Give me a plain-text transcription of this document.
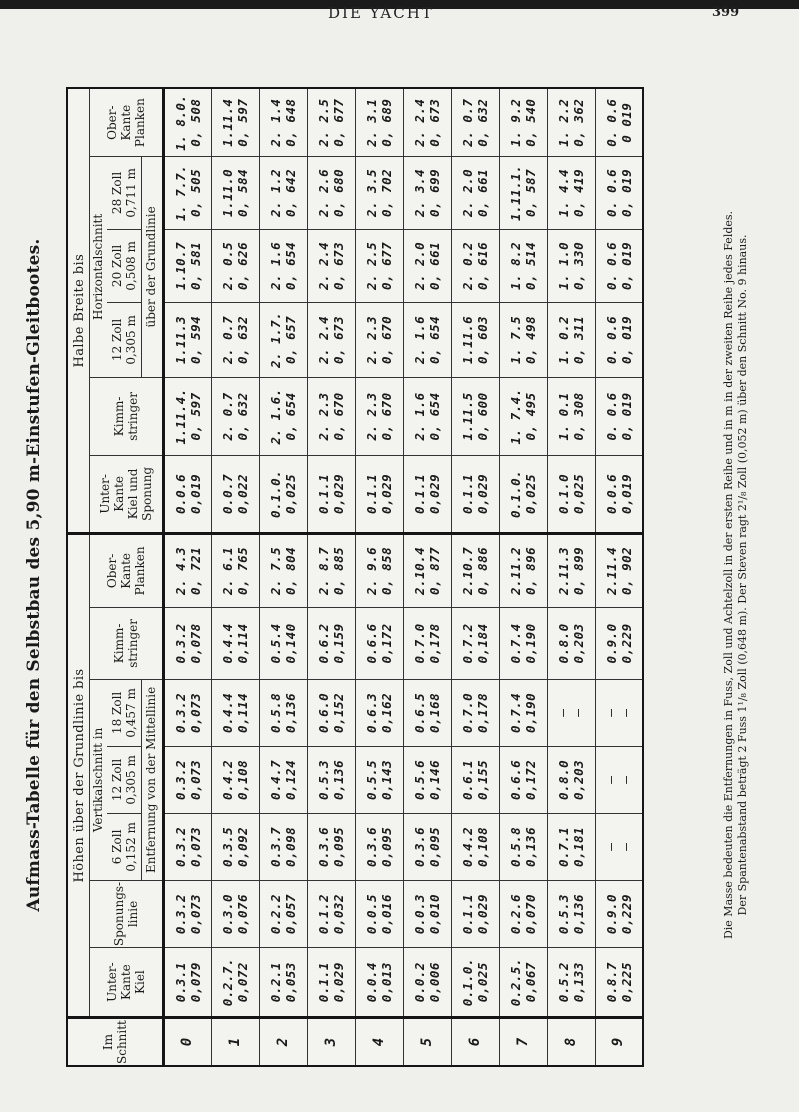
DIE YACHT	399
Aufmass-Tabelle für den Selbstbau des 5,90 m-Einstufen-Gleitbootes.
Im Schnitt	Höhen über der Grundlinie bis							Halbe Breite bis					

	Unter- Kante Kiel	Sponungs- linie	Vertikalschnitt in			Kimm- stringer	Ober- Kante Planken	Unter- Kante Kiel und Sponung	Kimm- stringer	Horizontalschnitt			Ober- Kante Planken

			6 Zoll 0,152 m	12 Zoll 0,305 m	18 Zoll 0,457 m					12 Zoll 0,305 m	20 Zoll 0,508 m	28 Zoll 0,711 m	

			Entfernung von der Mittellinie							über der Grundlinie			
0	0.3.1 0,079	0.3.2 0,073	0.3.2 0,073	0.3.2 0,073	0.3.2 0,073	0.3.2 0,078	2. 4.3 0, 721	0.0.6 0,019	1.11.4. 0, 597	1.11.3 0, 594	1.10.7 0, 581	1. 7.7. 0, 505	1. 8.0. 0, 508

1	0.2.7. 0,072	0.3.0 0,076	0.3.5 0,092	0.4.2 0,108	0.4.4 0,114	0.4.4 0,114	2. 6.1 0, 765	0.0.7 0,022	2. 0.7 0, 632	2. 0.7 0, 632	2. 0.5 0, 626	1.11.0 0, 584	1.11.4 0, 597

2	0.2.1 0,053	0.2.2 0,057	0.3.7 0,098	0.4.7 0,124	0.5.8 0,136	0.5.4 0,140	2. 7.5 0, 804	0.1.0. 0,025	2. 1.6. 0, 654	2. 1.7. 0, 657	2. 1.6 0, 654	2. 1.2 0, 642	2. 1.4 0, 648

3	0.1.1 0,029	0.1.2 0,032	0.3.6 0,095	0.5.3 0,136	0.6.0 0,152	0.6.2 0,159	2. 8.7 0, 885	0.1.1 0,029	2. 2.3 0, 670	2. 2.4 0, 673	2. 2.4 0, 673	2. 2.6 0, 680	2. 2.5 0, 677

4	0.0.4 0,013	0.0.5 0,016	0.3.6 0,095	0.5.5 0,143	0.6.3 0,162	0.6.6 0,172	2. 9.6 0, 858	0.1.1 0,029	2. 2.3 0, 670	2. 2.3 0, 670	2. 2.5 0, 677	2. 3.5 0, 702	2. 3.1 0, 689

5	0.0.2 0,006	0.0.3 0,010	0.3.6 0,095	0.5.6 0,146	0.6.5 0,168	0.7.0 0,178	2.10.4 0, 877	0.1.1 0,029	2. 1.6 0, 654	2. 1.6 0, 654	2. 2.0 0, 661	2. 3.4 0, 699	2. 2.4 0, 673

6	0.1.0. 0,025	0.1.1 0,029	0.4.2 0,108	0.6.1 0,155	0.7.0 0,178	0.7.2 0,184	2.10.7 0, 886	0.1.1 0,029	1.11.5 0, 600	1.11.6 0, 603	2. 0.2 0, 616	2. 2.0 0, 661	2. 0.7 0, 632

7	0.2.5. 0,067	0.2.6 0,070	0.5.8 0,136	0.6.6 0,172	0.7.4 0,190	0.7.4 0,190	2.11.2 0, 896	0.1.0. 0,025	1. 7.4. 0, 495	1. 7.5 0, 498	1. 8.2 0, 514	1.11.1. 0, 587	1. 9.2 0, 540

8	0.5.2 0,133	0.5.3 0,136	0.7.1 0,181	0.8.0 0,203	– –	0.8.0 0,203	2.11.3 0, 899	0.1.0 0,025	1. 0.1 0, 308	1. 0.2 0, 311	1. 1.0 0, 330	1. 4.4 0, 419	1. 2.2 0, 362

9	0.8.7 0,225	0.9.0 0,229	– –	– –	– –	0.9.0 0,229	2.11.4 0, 902	0.0.6 0,019	0. 0.6 0, 019	0. 0.6 0, 019	0. 0.6 0, 019	0. 0.6 0, 019	0. 0.6 0 019
Die Masse bedeuten die Entfernungen in Fuss, Zoll und Achtelzoll in der ersten Reihe und in m in der zweiten Reihe jedes Feldes. Der Spantenabstand beträgt 2 Fuss 1¹/₈ Zoll (0,648 m). Der Steven ragt 2¹/₈ Zoll (0,052 m) über den Schnitt No. 9 hinaus.
